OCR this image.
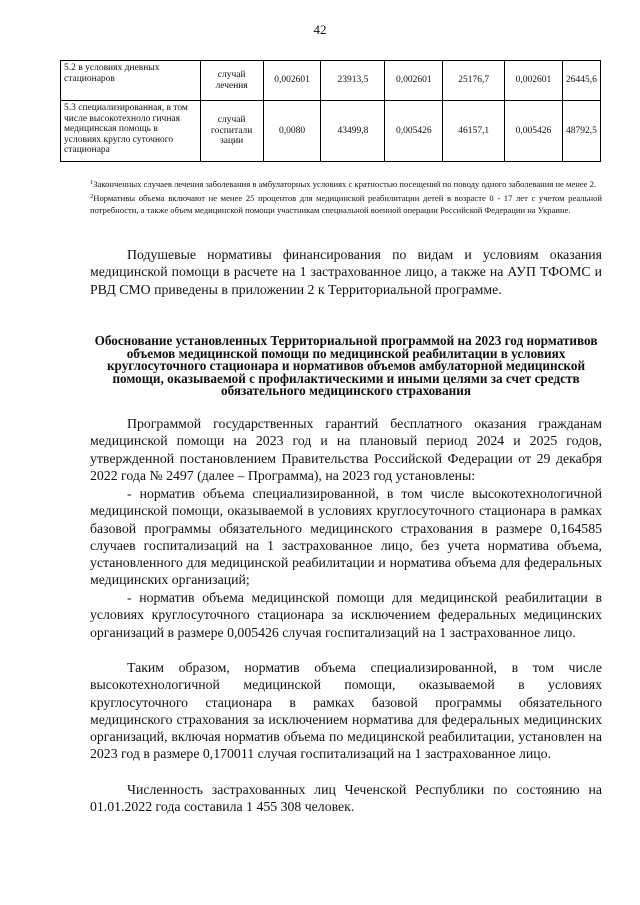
42
5.2 в условиях дневных стационаров	случай лечения	0,002601	23913,5	0,002601	25176,7	0,002601	26445,6
5.3 специализированная, в том числе высокотехноло гичная медицинская помощь в условиях кругло суточного стационара	случай госпитали зации	0,0080	43499,8	0,005426	46157,1	0,005426	48792,5

$^1$Законченных случаев лечения заболевания в амбулаторных условиях с кратностью посещений по поводу одного заболевания не менее 2.

$^2$Нормативы объема включают не менее 25 процентов для медицинской реабилитации детей в возрасте 0 - 17 лет с учетом реальной потребности, а также объем медицинской помощи участникам специальной военной операции Российской Федерации на Украине.

Подушевые нормативы финансирования по видам и условиям оказания медицинской помощи в расчете на 1 застрахованное лицо, а также на АУП ТФОМС и РВД СМО приведены в приложении 2 к Территориальной программе.

Обоснование установленных Территориальной программой на 2023 год нормативов объемов медицинской помощи по медицинской реабилитации в условиях круглосуточного стационара и нормативов объемов амбулаторной медицинской помощи, оказываемой с профилактическими и иными целями за счет средств обязательного медицинского страхования

Программой государственных гарантий бесплатного оказания гражданам медицинской помощи на 2023 год и на плановый период 2024 и 2025 годов, утвержденной постановлением Правительства Российской Федерации от 29 декабря 2022 года № 2497 (далее – Программа), на 2023 год установлены:

- норматив объема специализированной, в том числе высокотехнологичной медицинской помощи, оказываемой в условиях круглосуточного стационара в рамках базовой программы обязательного медицинского страхования в размере 0,164585 случаев госпитализаций на 1 застрахованное лицо, без учета норматива объема, установленного для медицинской реабилитации и норматива объема для федеральных медицинских организаций;

- норматив объема медицинской помощи для медицинской реабилитации в условиях круглосуточного стационара за исключением федеральных медицинских организаций в размере 0,005426 случая госпитализаций на 1 застрахованное лицо.

Таким образом, норматив объема специализированной, в том числе высокотехнологичной медицинской помощи, оказываемой в условиях круглосуточного стационара в рамках базовой программы обязательного медицинского страхования за исключением норматива для федеральных медицинских организаций, включая норматив объема по медицинской реабилитации, установлен на 2023 год в размере 0,170011 случая госпитализаций на 1 застрахованное лицо.

Численность застрахованных лиц Чеченской Республики по состоянию на 01.01.2022 года составила 1 455 308 человек.
